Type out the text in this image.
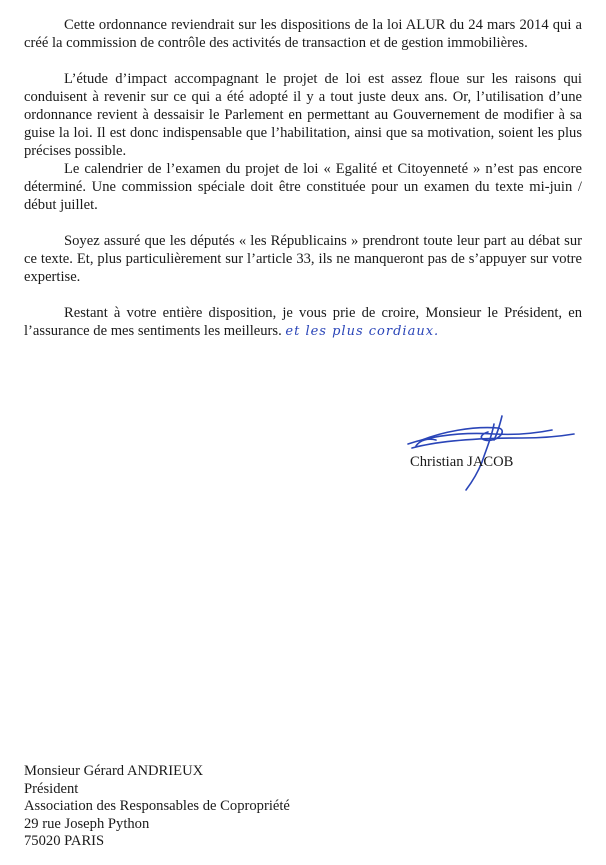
Cette ordonnance reviendrait sur les dispositions de la loi ALUR du 24 mars 2014 qui a créé la commission de contrôle des activités de transaction et de gestion immobilières.

L’étude d’impact accompagnant le projet de loi est assez floue sur les raisons qui conduisent à revenir sur ce qui a été adopté il y a tout juste deux ans. Or, l’utilisation d’une ordonnance revient à dessaisir le Parlement en permettant au Gouvernement de modifier à sa guise la loi. Il est donc indispensable que l’habilitation, ainsi que sa motivation, soient les plus précises possible.

Le calendrier de l’examen du projet de loi « Egalité et Citoyenneté » n’est pas encore déterminé. Une commission spéciale doit être constituée pour un examen du texte mi-juin / début juillet.

Soyez assuré que les députés « les Républicains » prendront toute leur part au débat sur ce texte. Et, plus particulièrement sur l’article 33, ils ne manqueront pas de s’appuyer sur votre expertise.

Restant à votre entière disposition, je vous prie de croire, Monsieur le Président, en l’assurance de mes sentiments les meilleurs. et les plus cordiaux.

Christian JACOB
Monsieur Gérard ANDRIEUX
Président
Association des Responsables de Copropriété
29 rue Joseph Python
75020 PARIS
